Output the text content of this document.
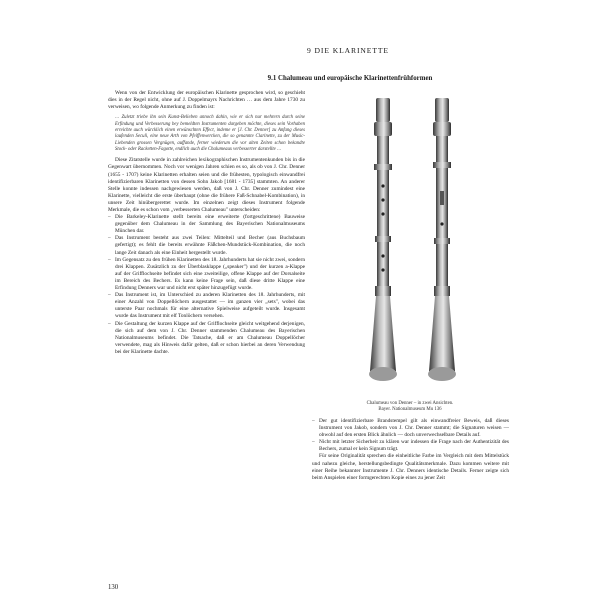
9 DIE KLARINETTE
9.1 Chalumeau und europäische Klarinettenfrühformen

Wenn von der Entwicklung der europäischen Klarinette gesprochen wird, so geschieht dies in der Regel nicht, ohne auf J. Doppelmayrs Nachrichten … aus dem Jahre 1730 zu verweisen, wo folgende Anmerkung zu finden ist:

… Zuletzt triebe ihn sein Kunst-Belieben annoch dahin, wie er sich nur mehrern durch seine Erfindung und Verbesserung bey bemeldten Instrumenten dargeben möchte, dieses sein Vorhaben erreichte auch würcklich einen erwünschten Effect, indeme er [J. Chr. Denner] zu Anfang dieses laufenden Seculi, eine neue Arth von Pfeiffenwercken, die so genannte Clarinette, zu der Music-Liebenden grossen Vergnügen, auffande, ferner wiederum die vor alten Zeiten schon bekandte Stock- oder Racketten-Fagotte, endlich auch die Chalumeaux verbesserter darstellte …

Diese Zitatstelle wurde in zahlreichen lexikographischen Instrumentenkunden bis in die Gegenwart übernommen. Noch vor wenigen Jahren schien es so, als ob von J. Chr. Denner (1655 - 1707) keine Klarinetten erhalten seien und die frühesten, typologisch einwandfrei identifizierbaren Klarinetten von dessen Sohn Jakob [1681 - 1735] stammten. An anderer Stelle konnte indessen nachgewiesen werden, daß von J. Chr. Denner zumindest eine Klarinette, vielleicht die erste überhaupt (ohne die frühere Faß-Schnabel-Kombination), in unsere Zeit hinübergerettet wurde. Im einzelnen zeigt dieses Instrument folgende Merkmale, die es schon vom „verbesserten Chalumeau" unterscheiden:

– Die Barkeley-Klarinette stellt bereits eine erweiterte (fortgeschrittene) Bauweise gegenüber dem Chalumeau in der Sammlung des Bayerischen Nationalmuseums München dar.
– Das Instrument besteht aus zwei Teilen: Mittelteil und Becher (aus Buchsbaum gefertigt); es fehlt die bereits erwähnte Fäßchen-Mundstück-Kombination, die noch lange Zeit danach als eine Einheit hergestellt wurde.
– Im Gegensatz zu den frühen Klarinetten des 18. Jahrhunderts hat sie nicht zwei, sondern drei Klappen. Zusätzlich zu der Überblasklappe („speaker") und der kurzen a-Klappe auf der Grifflochseite befindet sich eine zweiteilige, offene Klappe auf der Dorsalseite im Bereich des Bechers. Es kann keine Frage sein, daß diese dritte Klappe eine Erfindung Denners war und nicht erst später hinzugefügt wurde.
– Das Instrument ist, im Unterschied zu anderen Klarinetten des 18. Jahrhunderts, mit einer Anzahl von Doppellöchern ausgestattet — im ganzen vier „sets", wobei das unterste Paar nochmals für eine alternative Spielweise aufgeteilt wurde. Insgesamt wurde das Instrument mit elf Tonlöchern versehen.
– Die Gestaltung der kurzen Klappe auf der Grifflochseite gleicht weitgehend derjenigen, die sich auf dem von J. Chr. Denner stammenden Chalumeau des Bayerischen Nationalmuseums befindet. Die Tatsache, daß er am Chalumeau Doppellöcher verwendete, mag als Hinweis dafür gelten, daß er schon hierbei an deren Verwendung bei der Klarinette dachte.
Chalumeau von Denner – in zwei Ansichten.
Bayer. Nationalmuseum Mu 136
– Der gut identifizierbare Brandstempel gilt als einwandfreier Beweis, daß dieses Instrument von Jakob, sondern von J. Chr. Denner stammt; die Signaturen weisen — obwohl auf den ersten Blick ähnlich — doch unverwechselbare Details auf.
– Nicht mit letzter Sicherheit zu klären war indessen die Frage nach der Authentizität des Bechers, zumal er kein Signum trägt.

Für seine Originalität sprechen die einheitliche Farbe im Vergleich mit dem Mittelstück und nahezu gleiche, herstellungsbedingte Qualitätsmerkmale. Dazu kommen weitere mit einer Reihe bekannter Instrumente J. Chr. Denners identische Details. Ferner zeigte sich beim Anspielen einer formgerechten Kopie eines zu jener Zeit

130
